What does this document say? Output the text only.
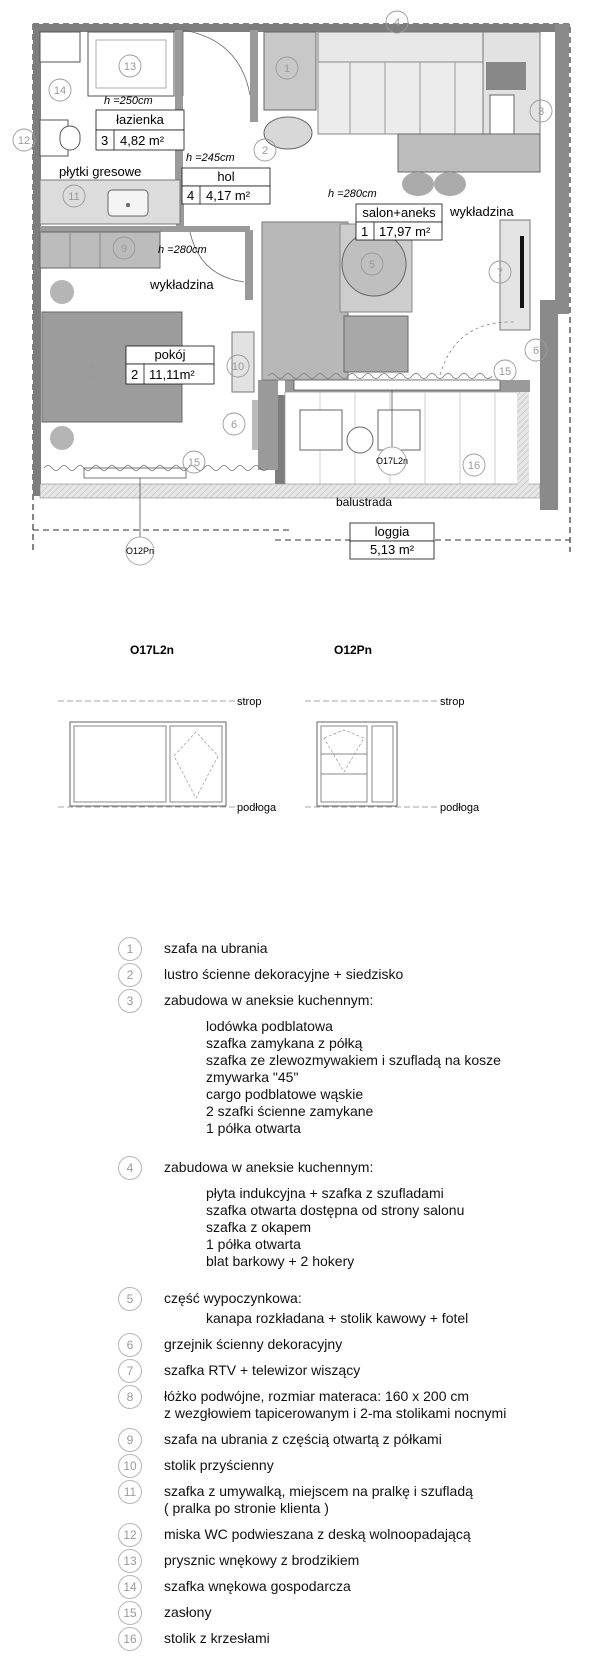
4
1
13
14
12
2
3
11
9
5
7
6
8	10	15
6
15	16
h =250cm
łazienka
3 4,82 m²
h =245cm
hol
4 4,17 m²	h =280cm
salon+aneks
1 17,97 m²
h =280cm
pokój
2 11,11m²
loggia
5,13 m²
płytki gresowe
wykładzina
wykładzina
balustrada
O17L2n
O12Pn
O17L2n
strop
podłoga
O12Pn
strop
podłoga
1	szafa na ubrania
2	lustro ścienne dekoracyjne + siedzisko
3	zabudowa w aneksie kuchennym:
lodówka podblatowa
szafka zamykana z półką
szafka ze zlewozmywakiem i szufladą na kosze
zmywarka "45"
cargo podblatowe wąskie
2 szafki ścienne zamykane
1 półka otwarta
4	zabudowa w aneksie kuchennym:
płyta indukcyjna + szafka z szufladami
szafka otwarta dostępna od strony salonu
szafka z okapem
1 półka otwarta
blat barkowy + 2 hokery
5	część wypoczynkowa:
kanapa rozkładana + stolik kawowy + fotel
6	grzejnik ścienny dekoracyjny
7	szafka RTV + telewizor wiszący
8	łóżko podwójne, rozmiar materaca: 160 x 200 cm
z wezgłowiem tapicerowanym i 2-ma stolikami nocnymi
9	szafa na ubrania z częścią otwartą z półkami
10	stolik przyścienny
11	szafka z umywalką, miejscem na pralkę i szufladą
( pralka po stronie klienta )
12	miska WC podwieszana z deską wolnoopadającą
13	prysznic wnękowy z brodzikiem
14	szafka wnękowa gospodarcza
15	zasłony
16	stolik z krzesłami
